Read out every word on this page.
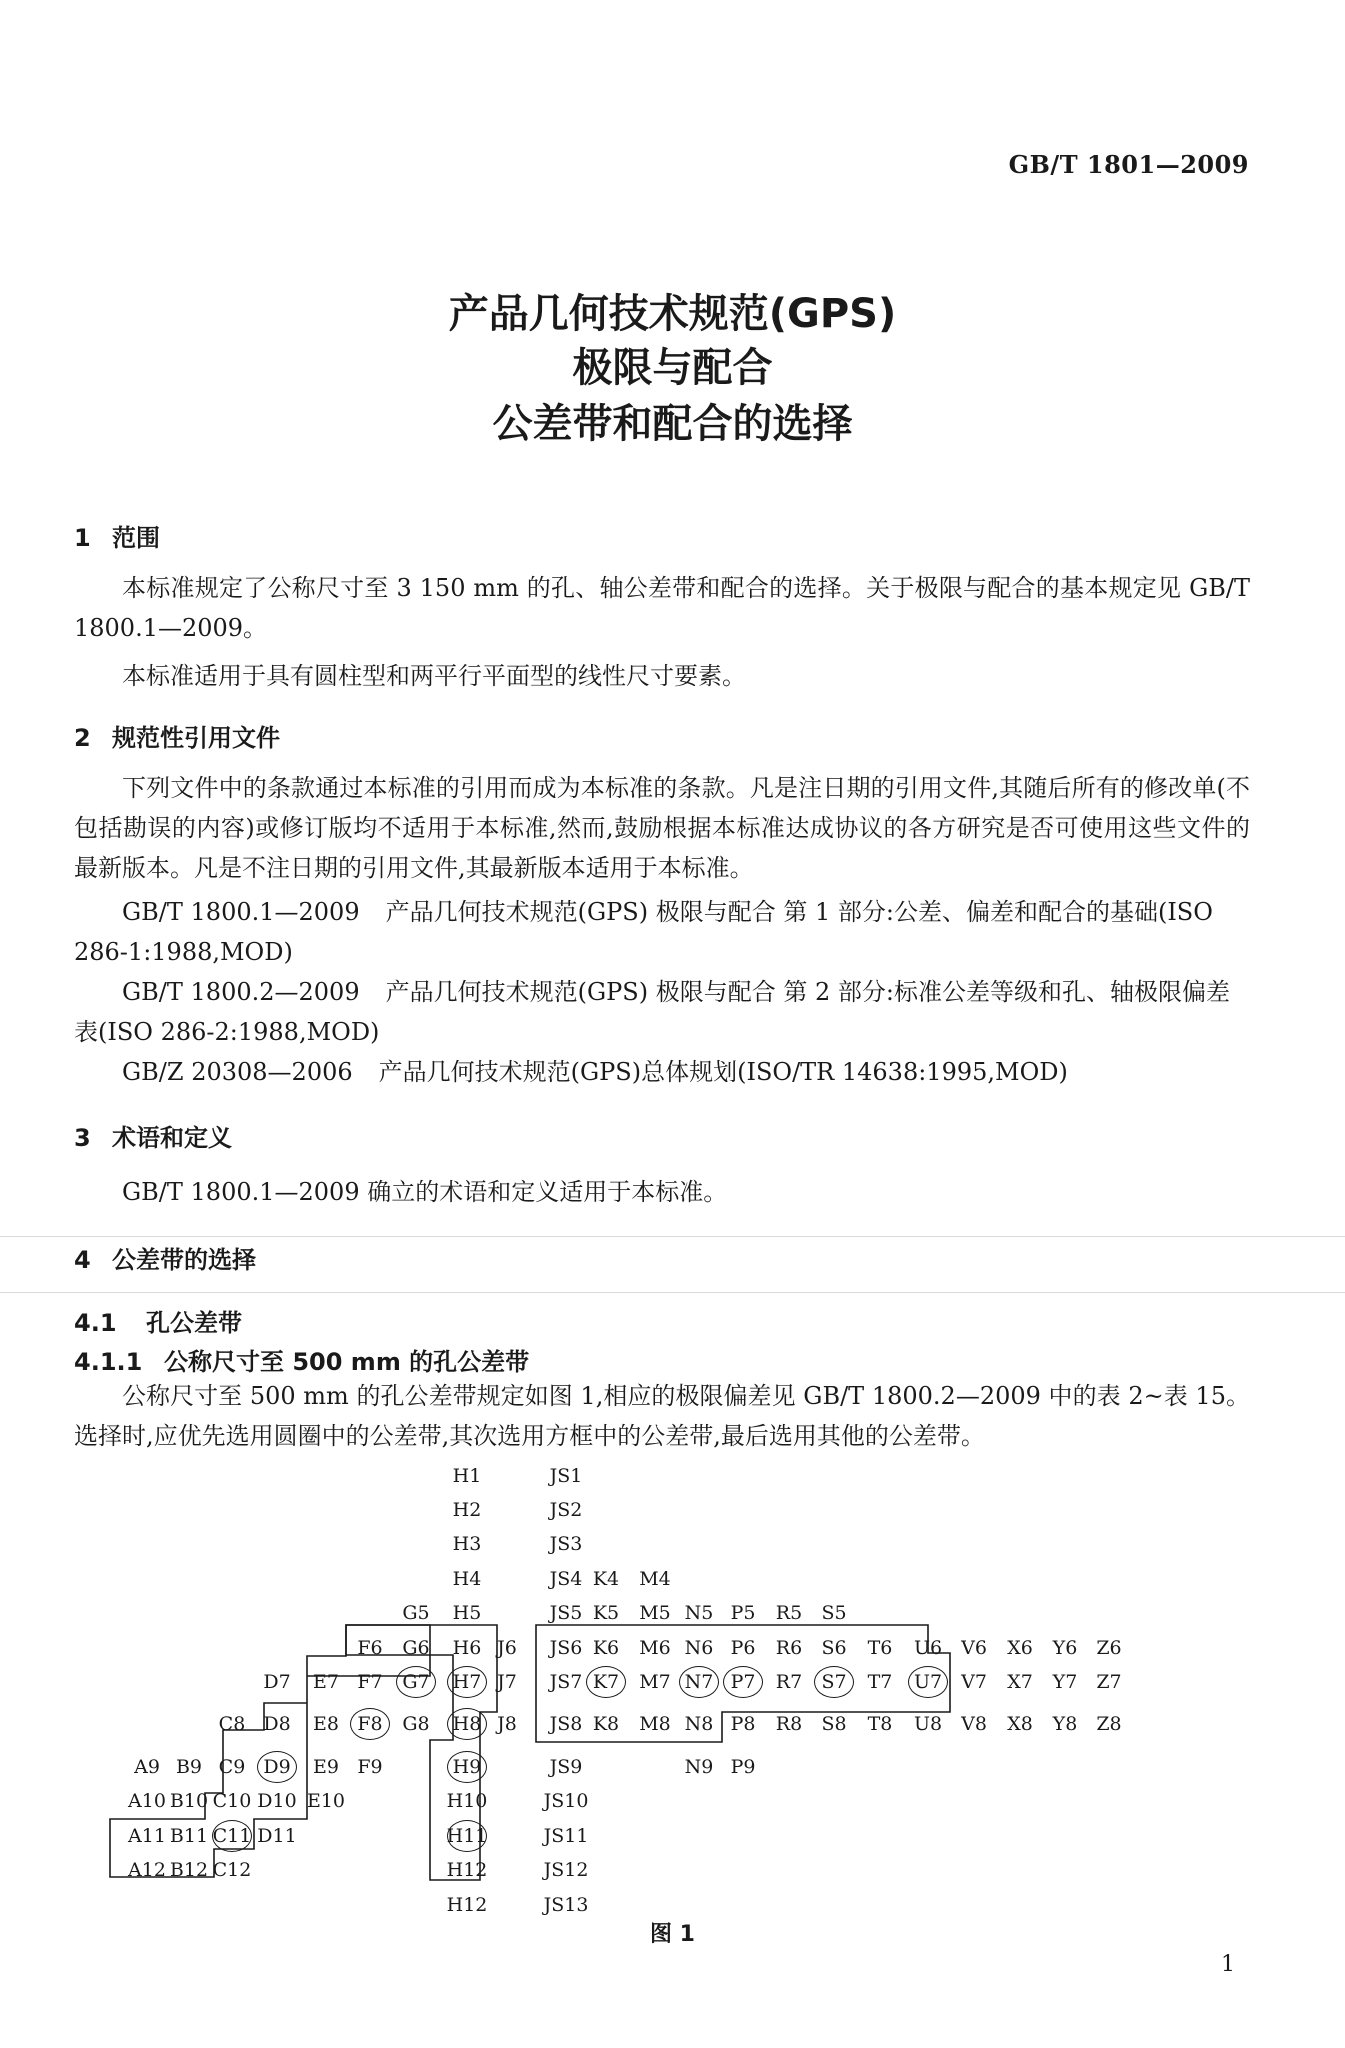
GB/T 1801—2009
产品几何技术规范(GPS)
极限与配合
公差带和配合的选择
1 范围

本标准规定了公称尺寸至 3 150 mm 的孔、轴公差带和配合的选择。关于极限与配合的基本规定见 GB/T 1800.1—2009。

本标准适用于具有圆柱型和两平行平面型的线性尺寸要素。

2 规范性引用文件

下列文件中的条款通过本标准的引用而成为本标准的条款。凡是注日期的引用文件,其随后所有的修改单(不包括勘误的内容)或修订版均不适用于本标准,然而,鼓励根据本标准达成协议的各方研究是否可使用这些文件的最新版本。凡是不注日期的引用文件,其最新版本适用于本标准。

GB/T 1800.1—2009 产品几何技术规范(GPS) 极限与配合 第 1 部分:公差、偏差和配合的基础(ISO 286-1:1988,MOD)

GB/T 1800.2—2009 产品几何技术规范(GPS) 极限与配合 第 2 部分:标准公差等级和孔、轴极限偏差表(ISO 286-2:1988,MOD)

GB/Z 20308—2006 产品几何技术规范(GPS)总体规划(ISO/TR 14638:1995,MOD)

3 术语和定义

GB/T 1800.1—2009 确立的术语和定义适用于本标准。

4 公差带的选择
4.1 孔公差带
4.1.1 公称尺寸至 500 mm 的孔公差带

公称尺寸至 500 mm 的孔公差带规定如图 1,相应的极限偏差见 GB/T 1800.2—2009 中的表 2~表 15。选择时,应优先选用圆圈中的公差带,其次选用方框中的公差带,最后选用其他的公差带。

H1	JS1
H2	JS2
H3	JS3
H4	JS4 K4 M4
G5 H5	JS5 K5 M5 N5 P5 R5 S5
F6 G6 H6 J6 JS6 K6 M6 N6 P6 R6 S6 T6 U6 V6 X6 Y6 Z6
D7 E7 F7 G7 H7 J7 JS7 K7 M7 N7 P7 R7 S7 T7 U7 V7 X7 Y7 Z7
C8 D8 E8 F8 G8 H8 J8 JS8 K8 M8 N8 P8 R8 S8 T8 U8 V8 X8 Y8 Z8
A9 B9 C9 D9 E9 F9	H9	JS9	N9 P9
A10 B10 C10 D10 E10	H10	JS10
A11 B11 C11 D11	H11	JS11
A12 B12 C12	H12	JS12
H12	JS13
图 1
1
